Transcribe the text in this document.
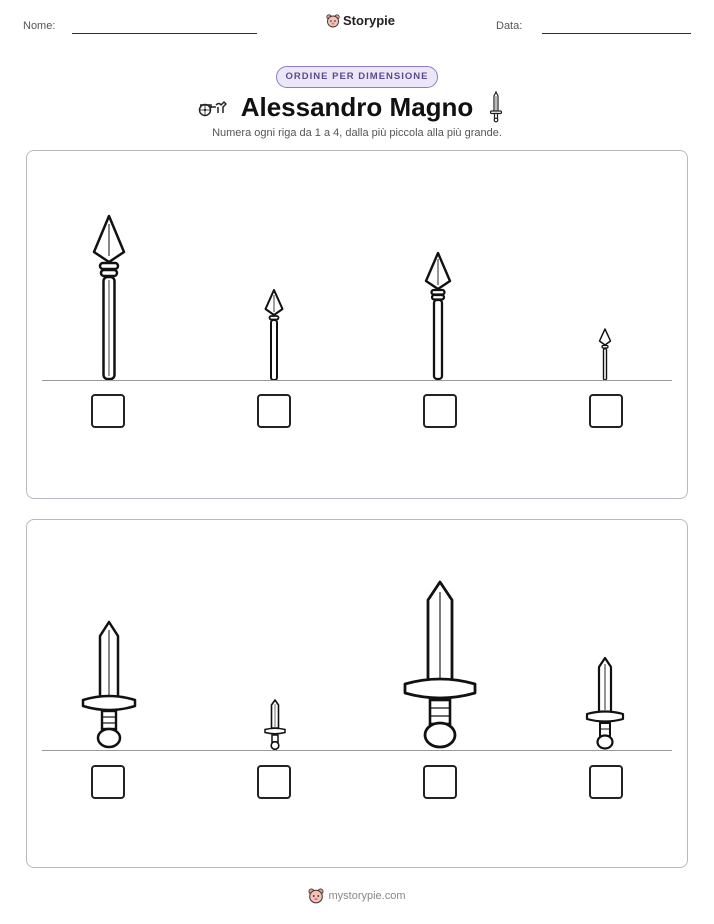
Nome:	Storypie	Data:
ORDINE PER DIMENSIONE
Alessandro Magno
Numera ogni riga da 1 a 4, dalla più piccola alla più grande.
mystorypie.com
